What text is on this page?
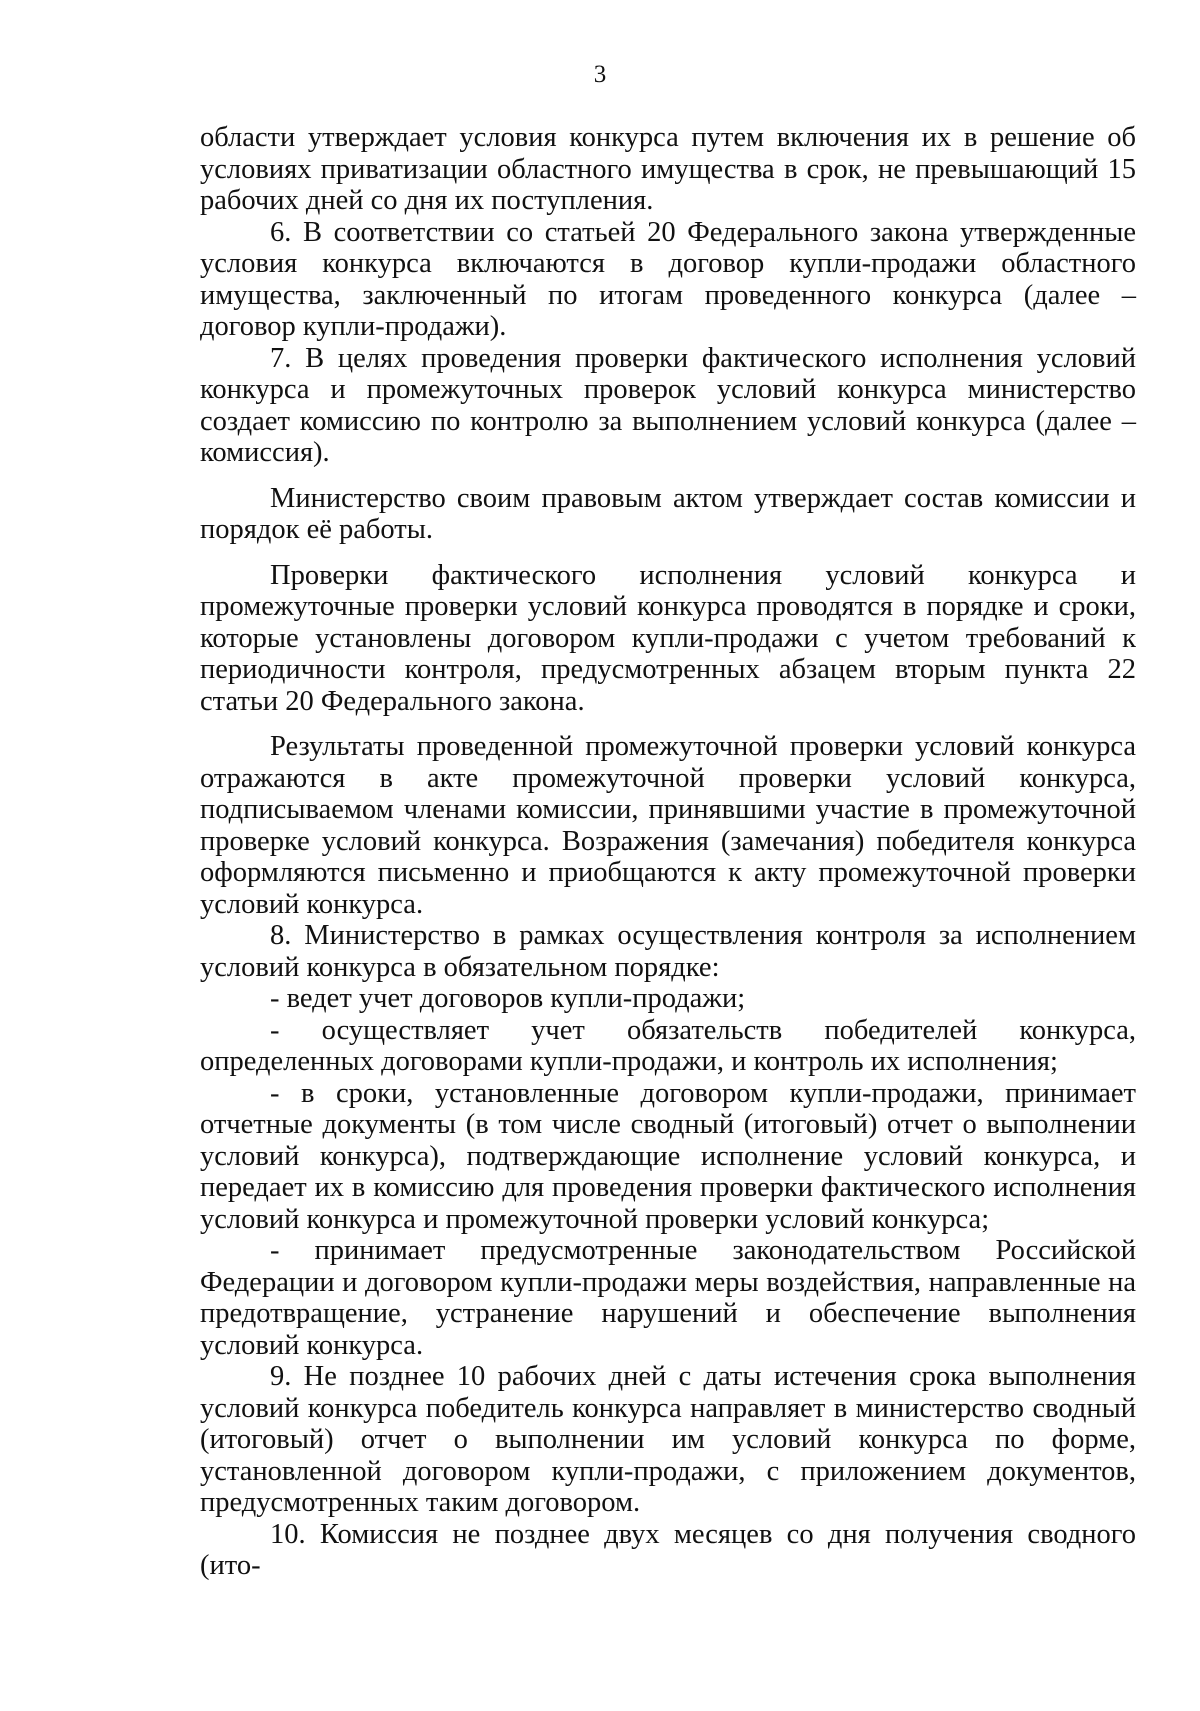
3

области утверждает условия конкурса путем включения их в решение об условиях приватизации областного имущества в срок, не превышающий 15 рабочих дней со дня их поступления.

6. В соответствии со статьей 20 Федерального закона утвержденные условия конкурса включаются в договор купли-продажи областного имущества, заключенный по итогам проведенного конкурса (далее – договор купли-продажи).

7. В целях проведения проверки фактического исполнения условий конкурса и промежуточных проверок условий конкурса министерство создает комиссию по контролю за выполнением условий конкурса (далее – комиссия).

Министерство своим правовым актом утверждает состав комиссии и порядок её работы.

Проверки фактического исполнения условий конкурса и промежуточные проверки условий конкурса проводятся в порядке и сроки, которые установлены договором купли-продажи с учетом требований к периодичности контроля, предусмотренных абзацем вторым пункта 22 статьи 20 Федерального закона.

Результаты проведенной промежуточной проверки условий конкурса отражаются в акте промежуточной проверки условий конкурса, подписываемом членами комиссии, принявшими участие в промежуточной проверке условий конкурса. Возражения (замечания) победителя конкурса оформляются письменно и приобщаются к акту промежуточной проверки условий конкурса.

8. Министерство в рамках осуществления контроля за исполнением условий конкурса в обязательном порядке:

- ведет учет договоров купли-продажи;

- осуществляет учет обязательств победителей конкурса, определенных договорами купли-продажи, и контроль их исполнения;

- в сроки, установленные договором купли-продажи, принимает отчетные документы (в том числе сводный (итоговый) отчет о выполнении условий конкурса), подтверждающие исполнение условий конкурса, и передает их в комиссию для проведения проверки фактического исполнения условий конкурса и промежуточной проверки условий конкурса;

- принимает предусмотренные законодательством Российской Федерации и договором купли-продажи меры воздействия, направленные на предотвращение, устранение нарушений и обеспечение выполнения условий конкурса.

9. Не позднее 10 рабочих дней с даты истечения срока выполнения условий конкурса победитель конкурса направляет в министерство сводный (итоговый) отчет о выполнении им условий конкурса по форме, установленной договором купли-продажи, с приложением документов, предусмотренных таким договором.

10. Комиссия не позднее двух месяцев со дня получения сводного (ито-
